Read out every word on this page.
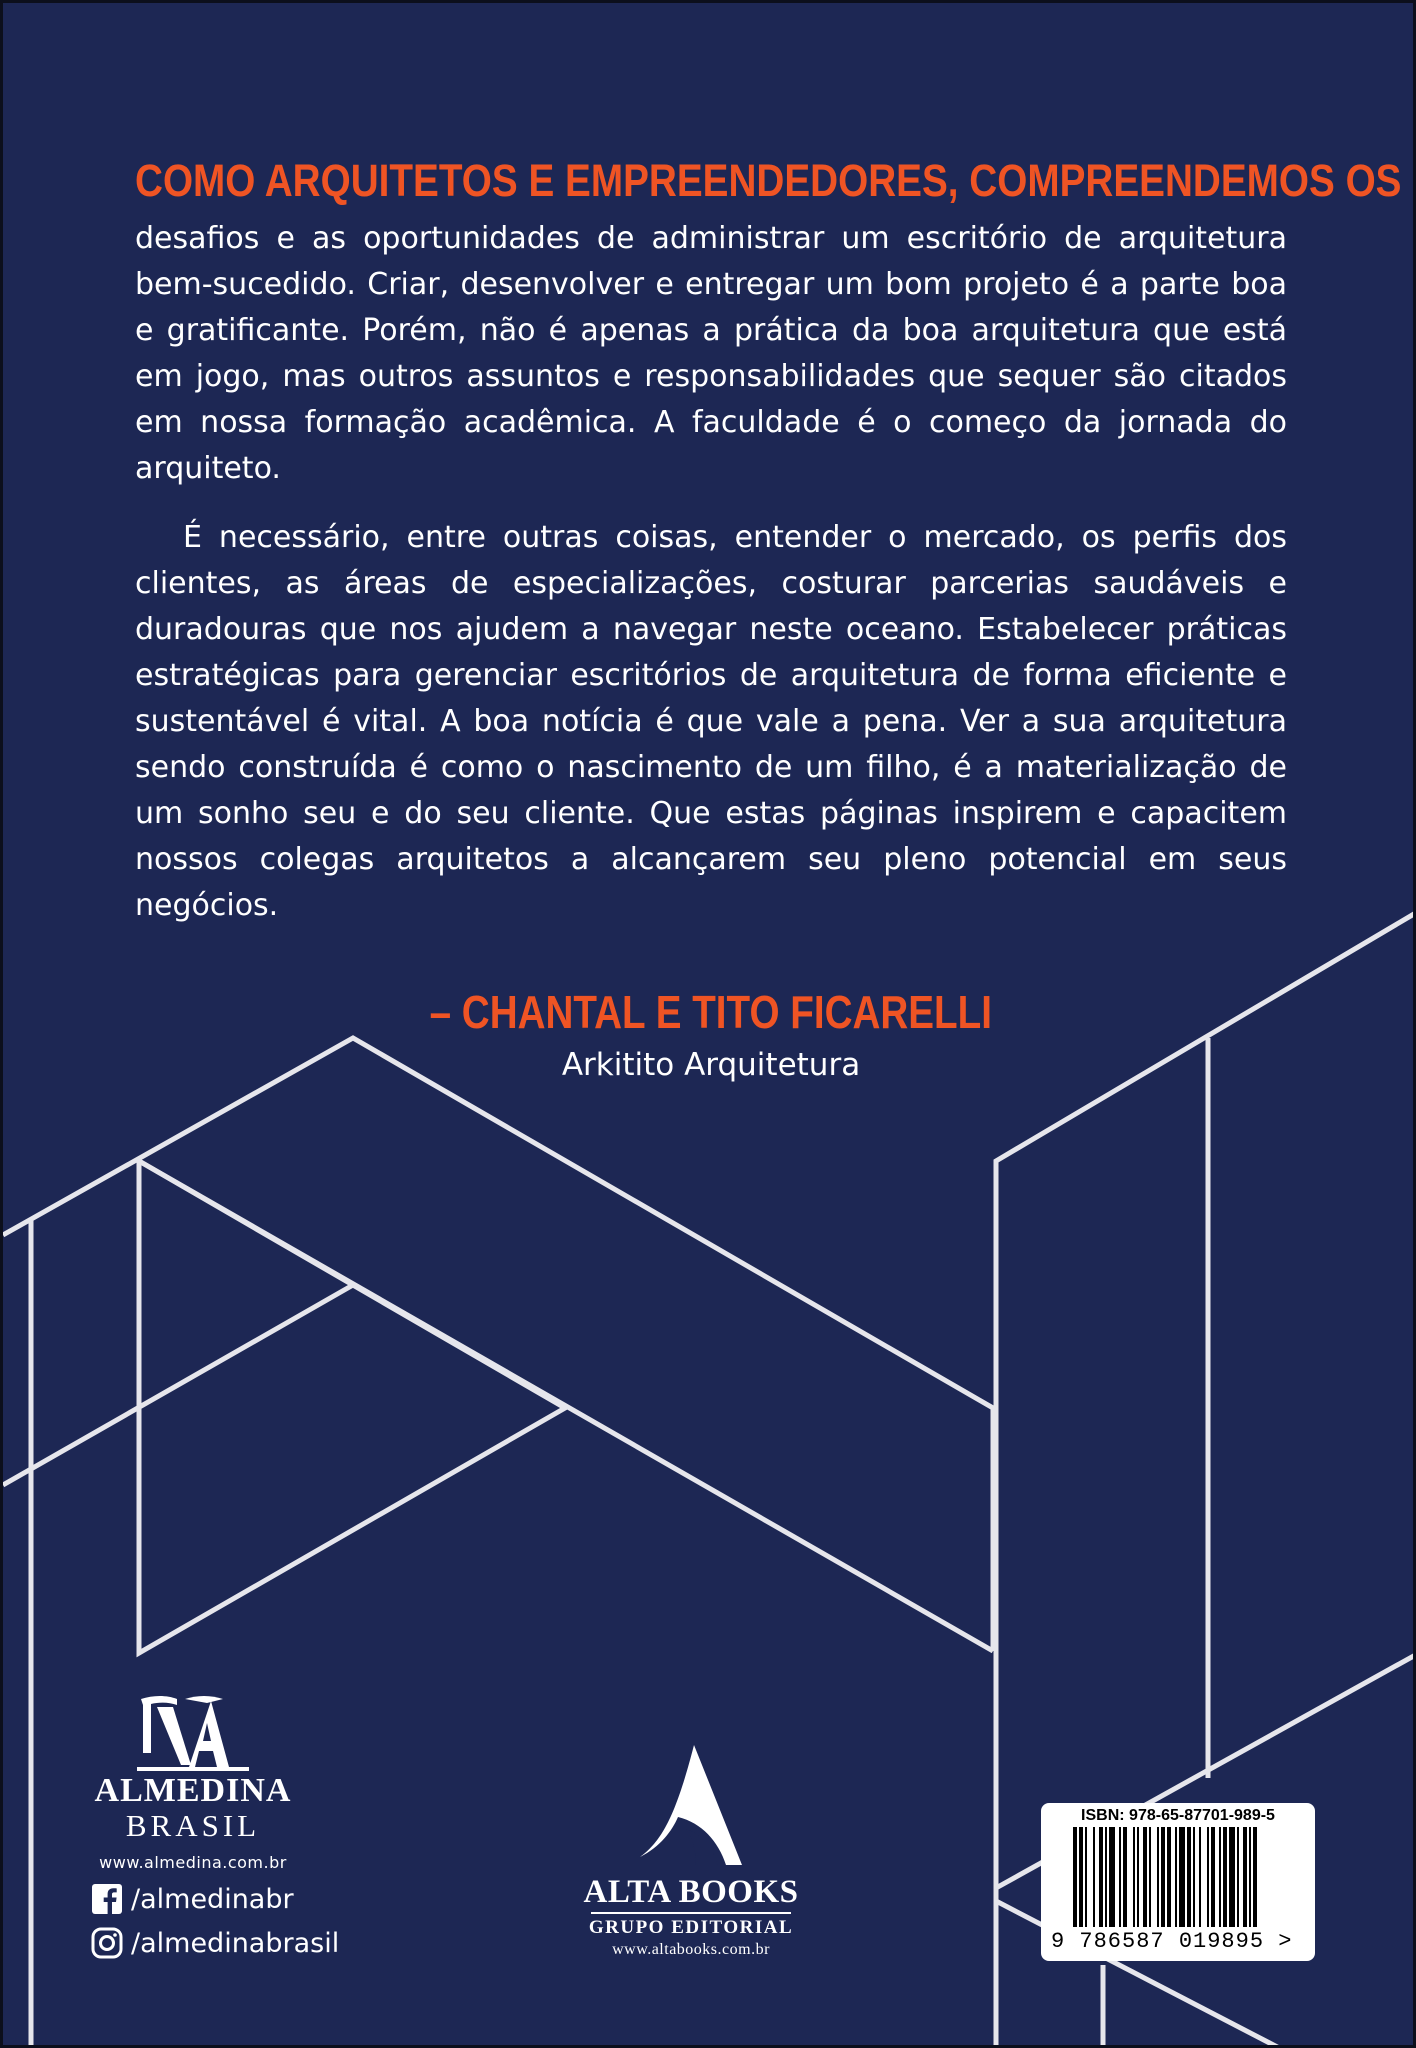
COMO ARQUITETOS E EMPREENDEDORES, COMPREENDEMOS OS
desafios e as oportunidades de administrar um escritório de arquitetura bem-sucedido. Criar, desenvolver e entregar um bom projeto é a parte boa e gratificante. Porém, não é apenas a prática da boa arquitetura que está em jogo, mas outros assuntos e responsabilidades que sequer são citados em nossa formação acadêmica. A faculdade é o começo da jornada do arquiteto.
É necessário, entre outras coisas, entender o mercado, os perfis dos clientes, as áreas de especializações, costurar parcerias saudáveis e duradouras que nos ajudem a navegar neste oceano. Estabelecer práticas estratégicas para gerenciar escritórios de arquitetura de forma eficiente e sustentável é vital. A boa notícia é que vale a pena. Ver a sua arquitetura sendo construída é como o nascimento de um filho, é a materialização de um sonho seu e do seu cliente. Que estas páginas inspirem e capacitem nossos colegas arquitetos a alcançarem seu pleno potencial em seus negócios.
– CHANTAL E TITO FICARELLI
Arkitito Arquitetura
ALMEDINA
BRASIL
www.almedina.com.br
/almedinabr
/almedinabrasil
ALTA BOOKS
GRUPO EDITORIAL
www.altabooks.com.br
ISBN: 978-65-87701-989-5
9 786587 019895 >
